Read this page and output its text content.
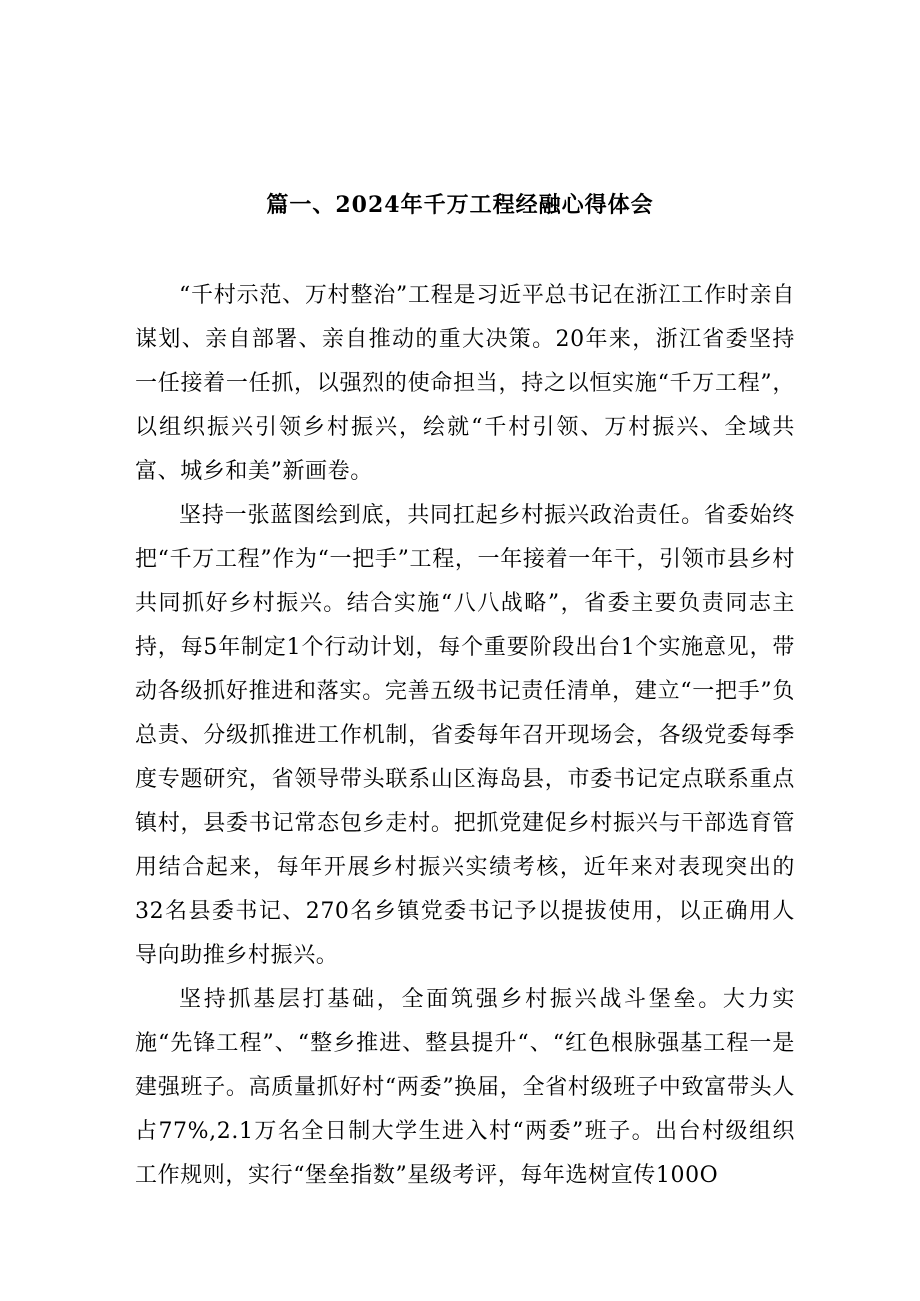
篇一、2024年千万工程经融心得体会

“千村示范、万村整治”工程是习近平总书记在浙江工作时亲自谋划、亲自部署、亲自推动的重大决策。20年来，浙江省委坚持一任接着一任抓，以强烈的使命担当，持之以恒实施“千万工程”，以组织振兴引领乡村振兴，绘就“千村引领、万村振兴、全域共富、城乡和美”新画卷。

坚持一张蓝图绘到底，共同扛起乡村振兴政治责任。省委始终把“千万工程”作为“一把手”工程，一年接着一年干，引领市县乡村共同抓好乡村振兴。结合实施“八八战略”，省委主要负责同志主持，每5年制定1个行动计划，每个重要阶段出台1个实施意见，带动各级抓好推进和落实。完善五级书记责任清单，建立“一把手”负总责、分级抓推进工作机制，省委每年召开现场会，各级党委每季度专题研究，省领导带头联系山区海岛县，市委书记定点联系重点镇村，县委书记常态包乡走村。把抓党建促乡村振兴与干部选育管用结合起来，每年开展乡村振兴实绩考核，近年来对表现突出的32名县委书记、270名乡镇党委书记予以提拔使用，以正确用人导向助推乡村振兴。

坚持抓基层打基础，全面筑强乡村振兴战斗堡垒。大力实施“先锋工程”、“整乡推进、整县提升“、“红色根脉强基工程一是建强班子。高质量抓好村“两委”换届，全省村级班子中致富带头人占77%,2.1万名全日制大学生进入村“两委”班子。出台村级组织工作规则，实行“堡垒指数”星级考评，每年选树宣传100O
